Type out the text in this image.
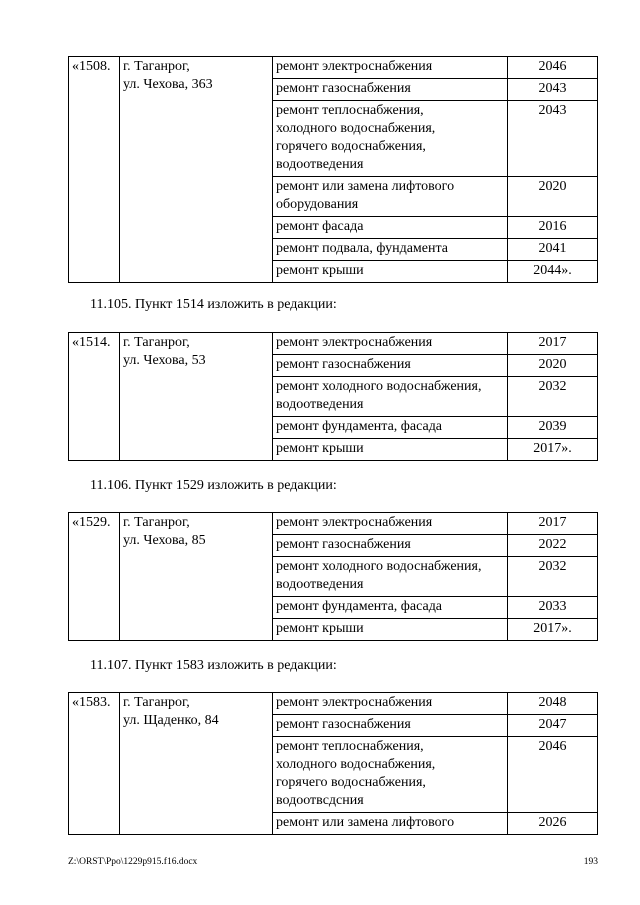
«1508.	г. Таганрог,
ул. Чехова, 363	ремонт электроснабжения	2046
		ремонт газоснабжения	2043
		ремонт теплоснабжения,
холодного водоснабжения,
горячего водоснабжения,
водоотведения	2043
		ремонт или замена лифтового
оборудования	2020
		ремонт фасада	2016
		ремонт подвала, фундамента	2041
		ремонт крыши	2044».
11.105. Пункт 1514 изложить в редакции:
«1514.	г. Таганрог,
ул. Чехова, 53	ремонт электроснабжения	2017
		ремонт газоснабжения	2020
		ремонт холодного водоснабжения,
водоотведения	2032
		ремонт фундамента, фасада	2039
		ремонт крыши	2017».
11.106. Пункт 1529 изложить в редакции:
«1529.	г. Таганрог,
ул. Чехова, 85	ремонт электроснабжения	2017
		ремонт газоснабжения	2022
		ремонт холодного водоснабжения,
водоотведения	2032
		ремонт фундамента, фасада	2033
		ремонт крыши	2017».
11.107. Пункт 1583 изложить в редакции:
«1583.	г. Таганрог,
ул. Щаденко, 84	ремонт электроснабжения	2048
		ремонт газоснабжения	2047
		ремонт теплоснабжения,
холодного водоснабжения,
горячего водоснабжения,
водоотвсдсния	2046
		ремонт или замена лифтового	2026
Z:\ORST\Ppo\1229p915.f16.docx	193
